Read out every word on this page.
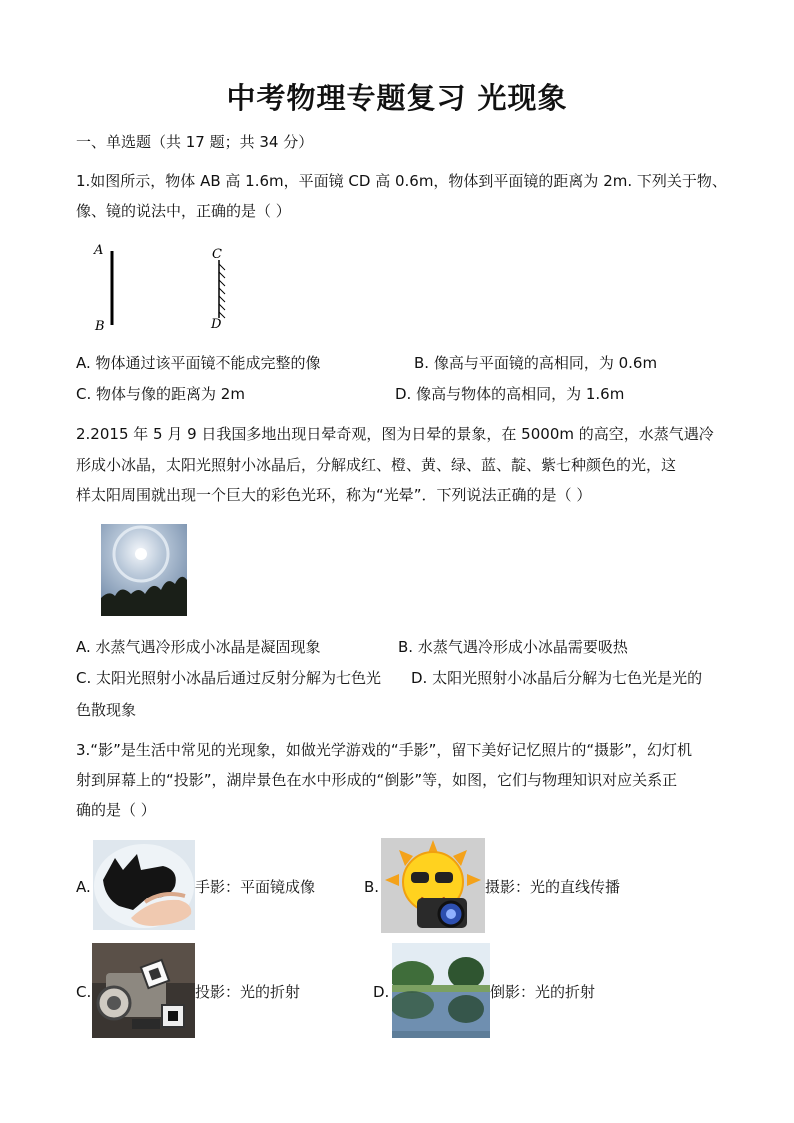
中考物理专题复习 光现象
一、单选题（共 17 题；共 34 分）
1.如图所示，物体 AB 高 1.6m，平面镜 CD 高 0.6m，物体到平面镜的距离为 2m. 下列关于物、
像、镜的说法中，正确的是（ ）
A
B
C
D
A. 物体通过该平面镜不能成完整的像	B. 像高与平面镜的高相同，为 0.6m
C. 物体与像的距离为 2m	D. 像高与物体的高相同，为 1.6m
2.2015 年 5 月 9 日我国多地出现日晕奇观，图为日晕的景象，在 5000m 的高空，水蒸气遇冷
形成小冰晶，太阳光照射小冰晶后，分解成红、橙、黄、绿、蓝、靛、紫七种颜色的光，这
样太阳周围就出现一个巨大的彩色光环，称为“光晕”．下列说法正确的是（ ）
A. 水蒸气遇冷形成小冰晶是凝固现象	B. 水蒸气遇冷形成小冰晶需要吸热
C. 太阳光照射小冰晶后通过反射分解为七色光 D. 太阳光照射小冰晶后分解为七色光是光的
色散现象
3.“影”是生活中常见的光现象，如做光学游戏的“手影”，留下美好记忆照片的“摄影”，幻灯机
射到屏幕上的“投影”，湖岸景色在水中形成的“倒影”等，如图，它们与物理知识对应关系正
确的是（ ）
A.	手影：平面镜成像	B.	摄影：光的直线传播
C.	投影：光的折射	D.	倒影：光的折射
